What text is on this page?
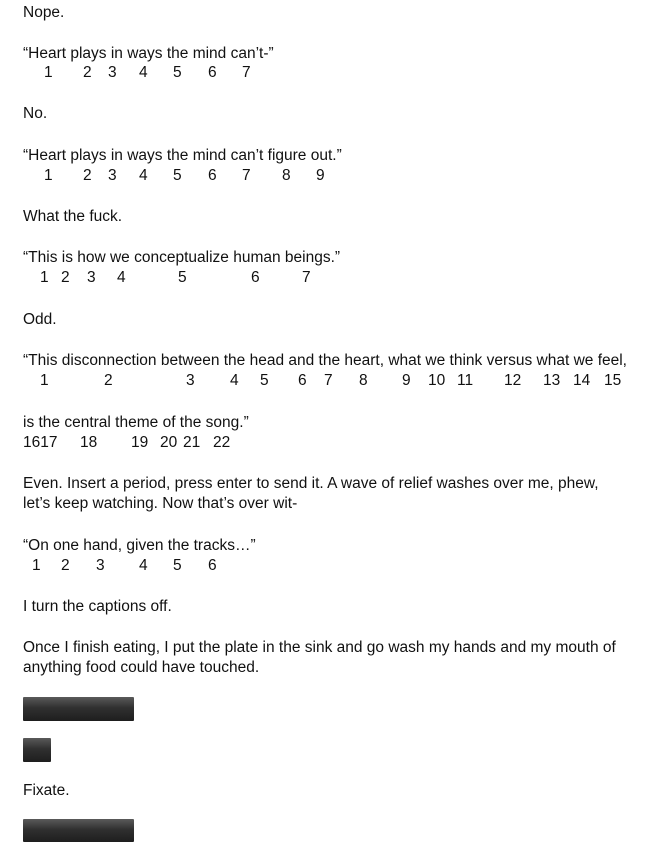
Nope.
“Heart plays in ways the mind can’t-”
1 2 3 4 5 6 7
No.
“Heart plays in ways the mind can’t figure out.”
1 2 3 4 5 6 7 8 9
What the fuck.
“This is how we conceptualize human beings.”
1 2 3 4	5	6	7
Odd.
“This disconnection between the head and the heart, what we think versus what we feel,
1	2	3 4 5 6 7 8 9 10 11 12 13 14 15
is the central theme of the song.”
1617 18 19 20 21 22
Even. Insert a period, press enter to send it. A wave of relief washes over me, phew, let’s keep watching. Now that’s over wit-
“On one hand, given the tracks…”
1 2 3 4 5 6
I turn the captions off.
Once I finish eating, I put the plate in the sink and go wash my hands and my mouth of anything food could have touched.
Fixate.
